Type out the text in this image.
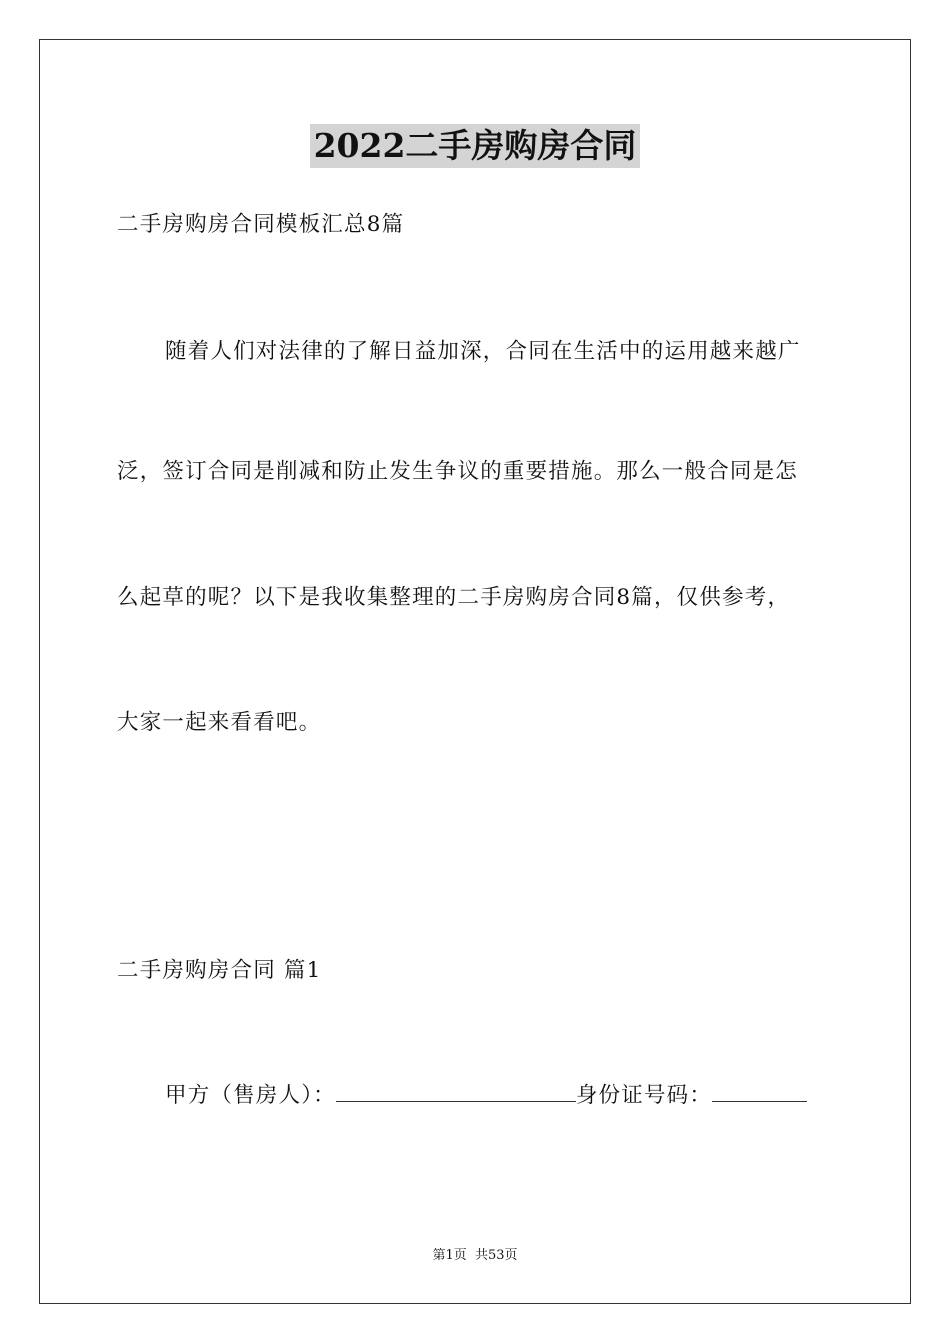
2022二手房购房合同
二手房购房合同模板汇总8篇
随着人们对法律的了解日益加深，合同在生活中的运用越来越广
泛，签订合同是削减和防止发生争议的重要措施。那么一般合同是怎
么起草的呢？以下是我收集整理的二手房购房合同8篇，仅供参考，
大家一起来看看吧。
二手房购房合同 篇1
甲方（售房人）：	身份证号码：
第1页 共53页
